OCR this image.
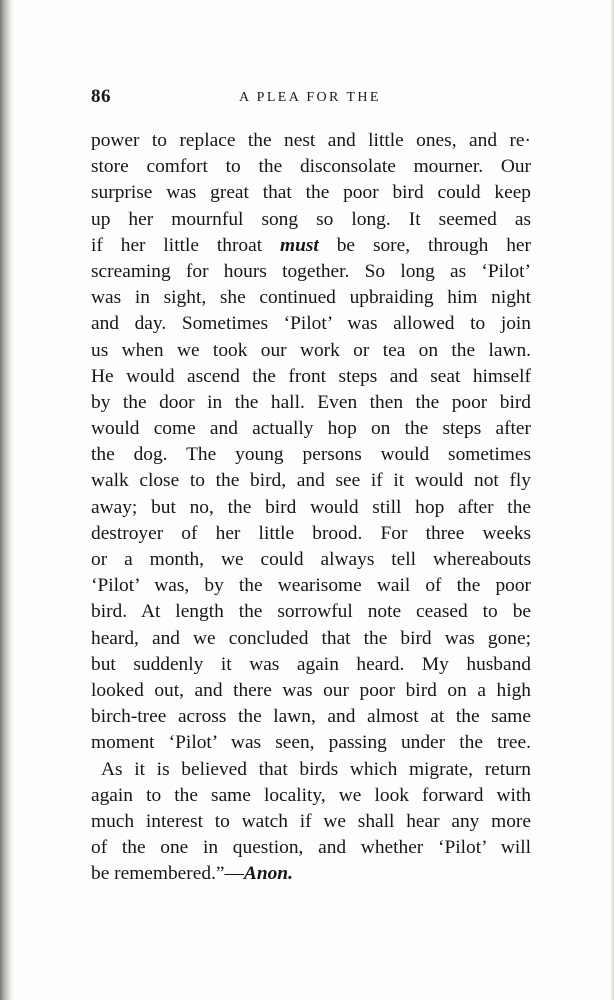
86	A PLEA FOR THE
power to replace the nest and little ones, and re·
store comfort to the disconsolate mourner. Our
surprise was great that the poor bird could keep
up her mournful song so long. It seemed as
if her little throat must be sore, through her
screaming for hours together. So long as ‘Pilot’
was in sight, she continued upbraiding him night
and day. Sometimes ‘Pilot’ was allowed to join
us when we took our work or tea on the lawn.
He would ascend the front steps and seat himself
by the door in the hall. Even then the poor bird
would come and actually hop on the steps after
the dog. The young persons would sometimes
walk close to the bird, and see if it would not fly
away; but no, the bird would still hop after the
destroyer of her little brood. For three weeks
or a month, we could always tell whereabouts
‘Pilot’ was, by the wearisome wail of the poor
bird. At length the sorrowful note ceased to be
heard, and we concluded that the bird was gone;
but suddenly it was again heard. My husband
looked out, and there was our poor bird on a high
birch-tree across the lawn, and almost at the same
moment ‘Pilot’ was seen, passing under the tree.
As it is believed that birds which migrate, return
again to the same locality, we look forward with
much interest to watch if we shall hear any more
of the one in question, and whether ‘Pilot’ will
be remembered.”—Anon.
